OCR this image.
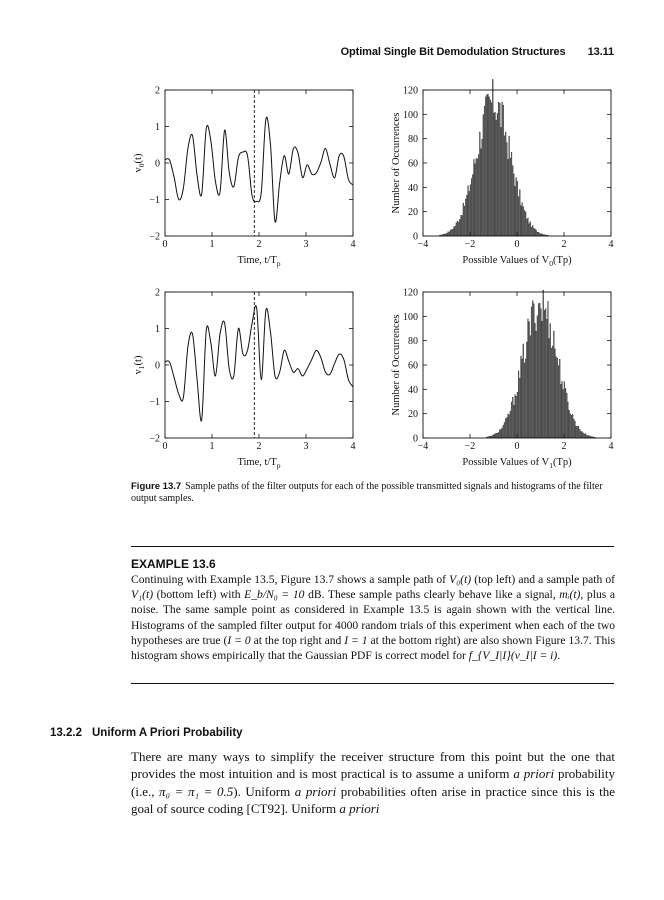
Optimal Single Bit Demodulation Structures 13.11
0	1	2	3	4
−2
−1
0
1
2
Time, $t/T_p$
$v_0(t)$
−4	−2	0	2	4
0
20
40
60
80
100
120
Possible Values of $V_0(Tp)$
Number of Occurrences
0	1	2	3	4
−2
−1
0
1
2
Time, $t/T_p$
$v_1(t)$
−4	−2	0	2	4
0
20
40
60
80
100
120
Possible Values of $V_1(Tp)$
Number of Occurrences
Figure 13.7 Sample paths of the filter outputs for each of the possible transmitted signals and histograms of the filter output samples.
EXAMPLE 13.6
Continuing with Example 13.5, Figure 13.7 shows a sample path of V₀(t) (top left) and a sample path of V₁(t) (bottom left) with E_b/N₀ = 10 dB. These sample paths clearly behave like a signal, mᵢ(t), plus a noise. The same sample point as considered in Example 13.5 is again shown with the vertical line. Histograms of the sampled filter output for 4000 random trials of this experiment when each of the two hypotheses are true (I = 0 at the top right and I = 1 at the bottom right) are also shown Figure 13.7. This histogram shows empirically that the Gaussian PDF is correct model for f_{V_I|I}(v_I|I = i).
13.2.2 Uniform A Priori Probability
There are many ways to simplify the receiver structure from this point but the one that provides the most intuition and is most practical is to assume a uniform a priori probability (i.e., π₀ = π₁ = 0.5). Uniform a priori probabilities often arise in practice since this is the goal of source coding [CT92]. Uniform a priori
